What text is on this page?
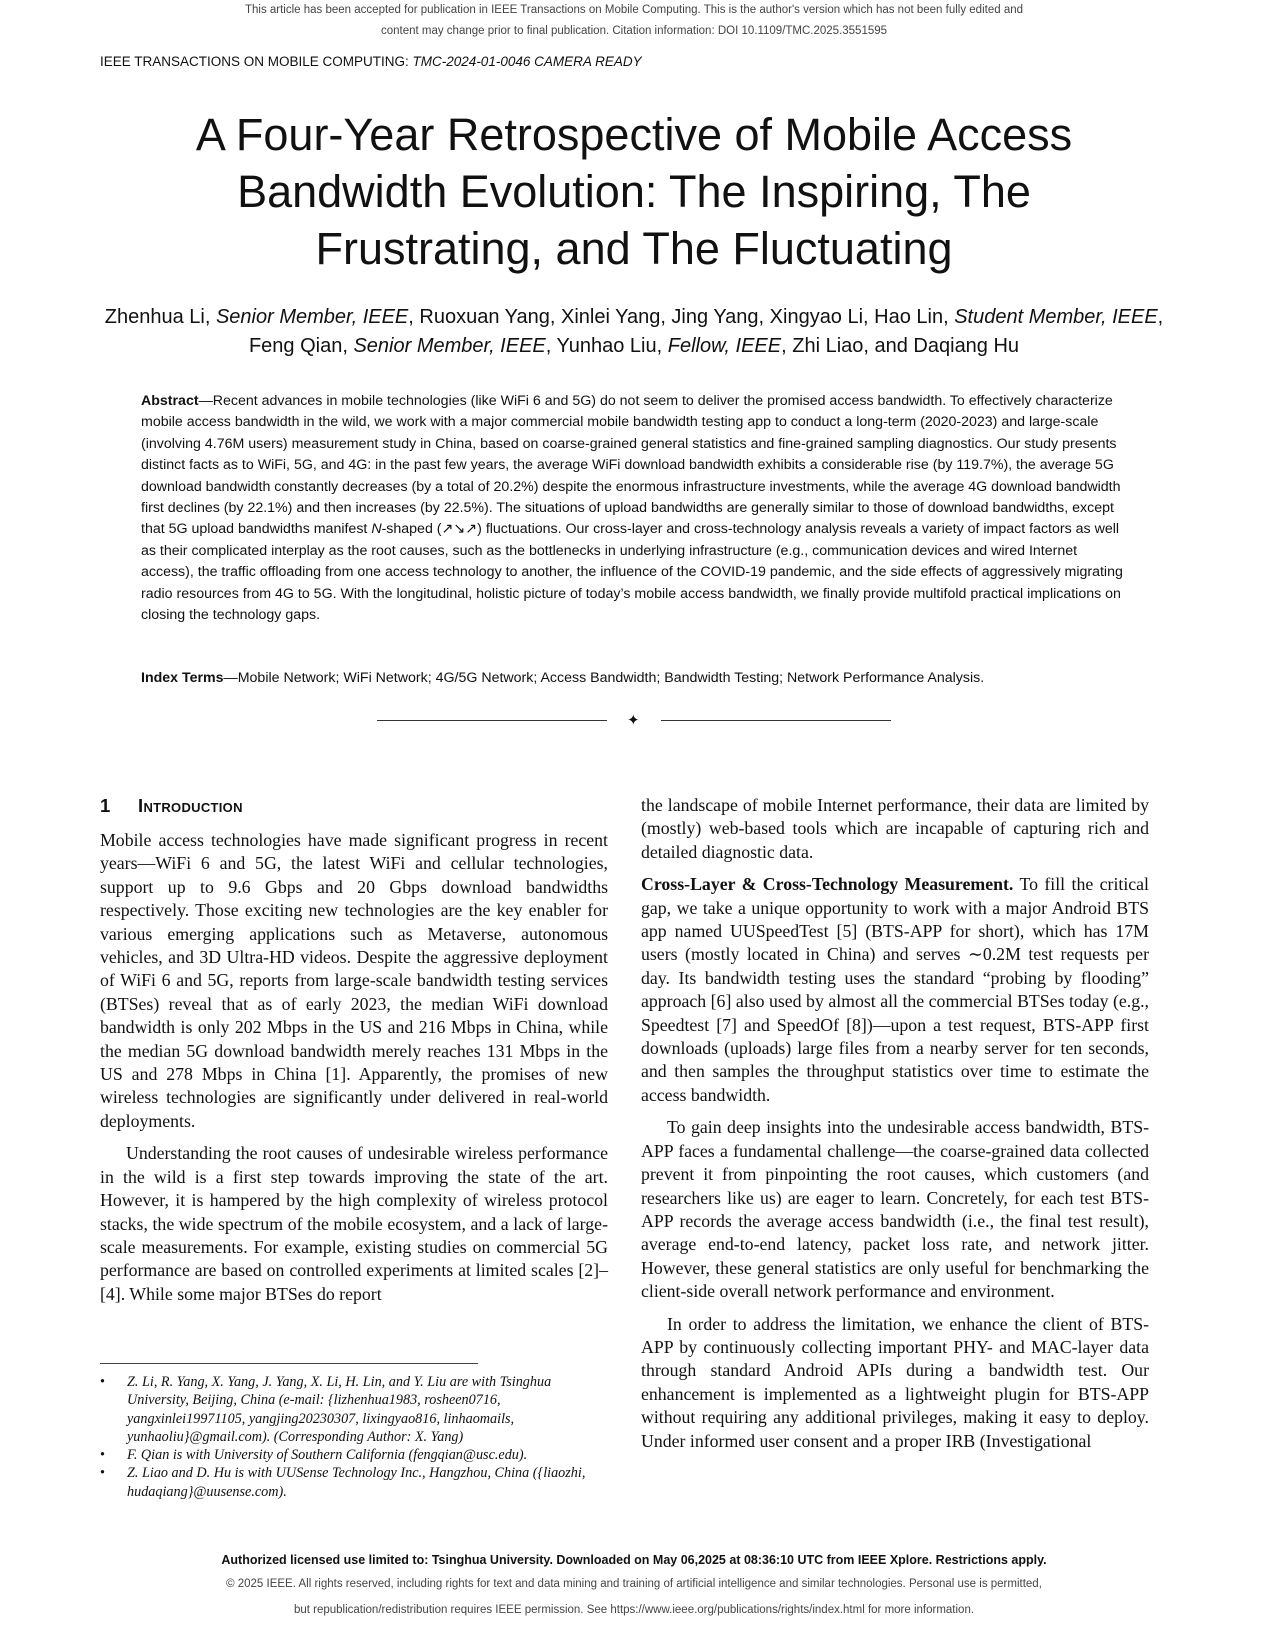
This article has been accepted for publication in IEEE Transactions on Mobile Computing. This is the author's version which has not been fully edited and
content may change prior to final publication. Citation information: DOI 10.1109/TMC.2025.3551595
IEEE TRANSACTIONS ON MOBILE COMPUTING: TMC-2024-01-0046 CAMERA READY
A Four-Year Retrospective of Mobile Access
Bandwidth Evolution: The Inspiring, The
Frustrating, and The Fluctuating
Zhenhua Li, Senior Member, IEEE, Ruoxuan Yang, Xinlei Yang, Jing Yang, Xingyao Li, Hao Lin, Student Member, IEEE, Feng Qian, Senior Member, IEEE, Yunhao Liu, Fellow, IEEE, Zhi Liao, and Daqiang Hu

Abstract—Recent advances in mobile technologies (like WiFi 6 and 5G) do not seem to deliver the promised access bandwidth. To effectively characterize mobile access bandwidth in the wild, we work with a major commercial mobile bandwidth testing app to conduct a long-term (2020-2023) and large-scale (involving 4.76M users) measurement study in China, based on coarse-grained general statistics and fine-grained sampling diagnostics. Our study presents distinct facts as to WiFi, 5G, and 4G: in the past few years, the average WiFi download bandwidth exhibits a considerable rise (by 119.7%), the average 5G download bandwidth constantly decreases (by a total of 20.2%) despite the enormous infrastructure investments, while the average 4G download bandwidth first declines (by 22.1%) and then increases (by 22.5%). The situations of upload bandwidths are generally similar to those of download bandwidths, except that 5G upload bandwidths manifest N-shaped (↗↘↗) fluctuations. Our cross-layer and cross-technology analysis reveals a variety of impact factors as well as their complicated interplay as the root causes, such as the bottlenecks in underlying infrastructure (e.g., communication devices and wired Internet access), the traffic offloading from one access technology to another, the influence of the COVID-19 pandemic, and the side effects of aggressively migrating radio resources from 4G to 5G. With the longitudinal, holistic picture of today’s mobile access bandwidth, we finally provide multifold practical implications on closing the technology gaps.

Index Terms—Mobile Network; WiFi Network; 4G/5G Network; Access Bandwidth; Bandwidth Testing; Network Performance Analysis.

✦
1 Introduction

Mobile access technologies have made significant progress in recent years—WiFi 6 and 5G, the latest WiFi and cellular technologies, support up to 9.6 Gbps and 20 Gbps download bandwidths respectively. Those exciting new technologies are the key enabler for various emerging applications such as Metaverse, autonomous vehicles, and 3D Ultra-HD videos. Despite the aggressive deployment of WiFi 6 and 5G, reports from large-scale bandwidth testing services (BTSes) reveal that as of early 2023, the median WiFi download bandwidth is only 202 Mbps in the US and 216 Mbps in China, while the median 5G download bandwidth merely reaches 131 Mbps in the US and 278 Mbps in China [1]. Apparently, the promises of new wireless technologies are significantly under delivered in real-world deployments.

Understanding the root causes of undesirable wireless performance in the wild is a first step towards improving the state of the art. However, it is hampered by the high complexity of wireless protocol stacks, the wide spectrum of the mobile ecosystem, and a lack of large-scale measurements. For example, existing studies on commercial 5G performance are based on controlled experiments at limited scales [2]–[4]. While some major BTSes do report

the landscape of mobile Internet performance, their data are limited by (mostly) web-based tools which are incapable of capturing rich and detailed diagnostic data.

Cross-Layer & Cross-Technology Measurement. To fill the critical gap, we take a unique opportunity to work with a major Android BTS app named UUSpeedTest [5] (BTS-APP for short), which has 17M users (mostly located in China) and serves ∼0.2M test requests per day. Its bandwidth testing uses the standard “probing by flooding” approach [6] also used by almost all the commercial BTSes today (e.g., Speedtest [7] and SpeedOf [8])—upon a test request, BTS-APP first downloads (uploads) large files from a nearby server for ten seconds, and then samples the throughput statistics over time to estimate the access bandwidth.

To gain deep insights into the undesirable access bandwidth, BTS-APP faces a fundamental challenge—the coarse-grained data collected prevent it from pinpointing the root causes, which customers (and researchers like us) are eager to learn. Concretely, for each test BTS-APP records the average access bandwidth (i.e., the final test result), average end-to-end latency, packet loss rate, and network jitter. However, these general statistics are only useful for benchmarking the client-side overall network performance and environment.

In order to address the limitation, we enhance the client of BTS-APP by continuously collecting important PHY- and MAC-layer data through standard Android APIs during a bandwidth test. Our enhancement is implemented as a lightweight plugin for BTS-APP without requiring any additional privileges, making it easy to deploy. Under informed user consent and a proper IRB (Investigational

• Z. Li, R. Yang, X. Yang, J. Yang, X. Li, H. Lin, and Y. Liu are with Tsinghua University, Beijing, China (e-mail: {lizhenhua1983, rosheen0716, yangxinlei19971105, yangjing20230307, lixingyao816, linhaomails, yunhaoliu}@gmail.com). (Corresponding Author: X. Yang)
• F. Qian is with University of Southern California (fengqian@usc.edu).
• Z. Liao and D. Hu is with UUSense Technology Inc., Hangzhou, China ({liaozhi, hudaqiang}@uusense.com).
Authorized licensed use limited to: Tsinghua University. Downloaded on May 06,2025 at 08:36:10 UTC from IEEE Xplore. Restrictions apply.
© 2025 IEEE. All rights reserved, including rights for text and data mining and training of artificial intelligence and similar technologies. Personal use is permitted,
but republication/redistribution requires IEEE permission. See https://www.ieee.org/publications/rights/index.html for more information.
